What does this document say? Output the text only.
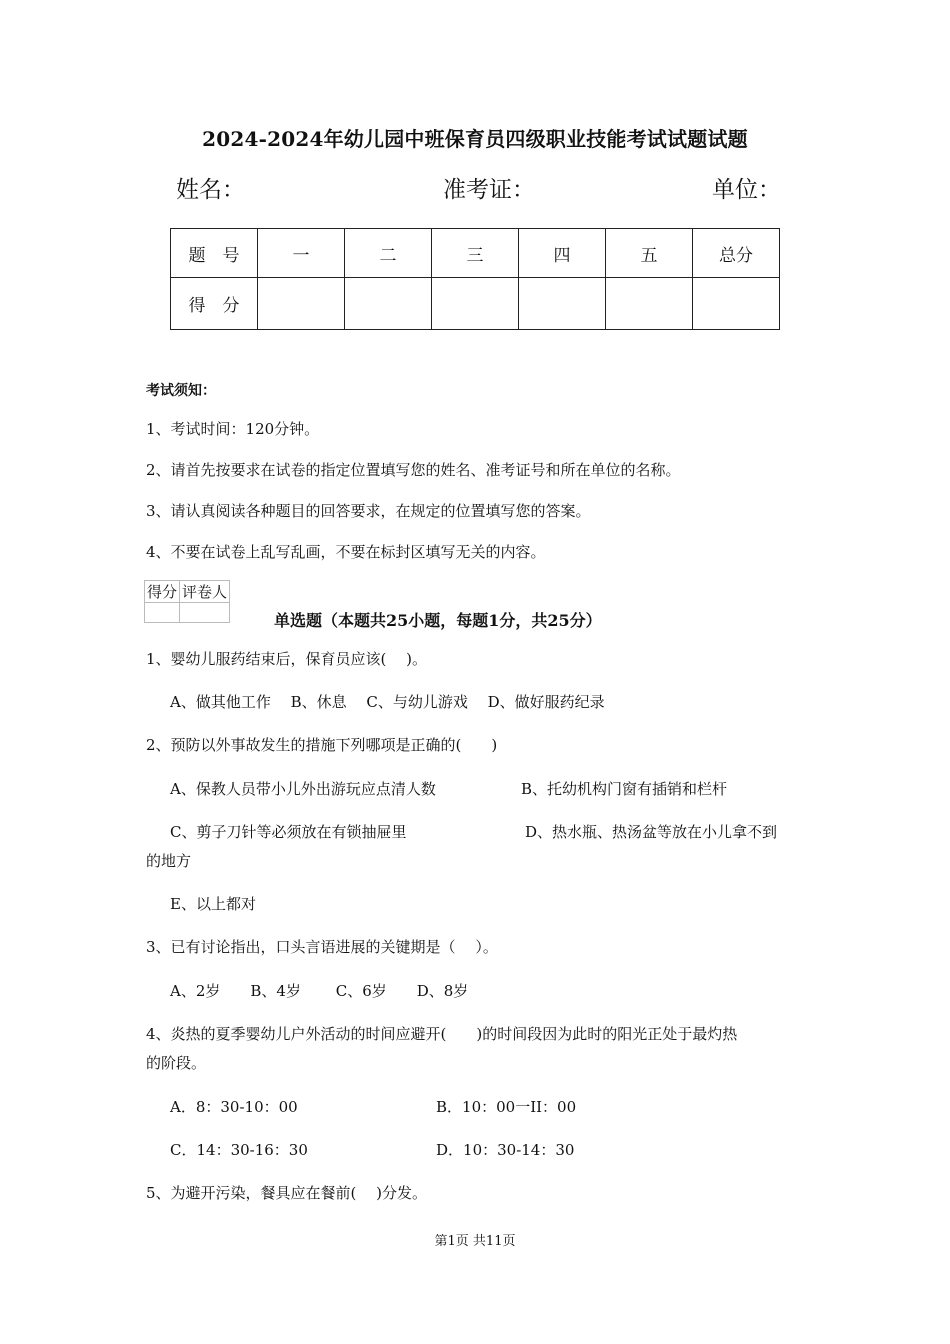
2024-2024年幼儿园中班保育员四级职业技能考试试题试题
姓名：	准考证：	单位：
题　号	一	二	三	四	五	总分
得　分						
考试须知：
1、考试时间：120分钟。
2、请首先按要求在试卷的指定位置填写您的姓名、准考证号和所在单位的名称。
3、请认真阅读各种题目的回答要求，在规定的位置填写您的答案。
4、不要在试卷上乱写乱画，不要在标封区填写无关的内容。
得分	评卷人

单选题（本题共25小题，每题1分，共25分）
1、婴幼儿服药结束后，保育员应该(　 )。
A、做其他工作　 B、休息　 C、与幼儿游戏　 D、做好服药纪录
2、预防以外事故发生的措施下列哪项是正确的(　　)
A、保教人员带小儿外出游玩应点清人数	B、托幼机构门窗有插销和栏杆
C、剪子刀针等必须放在有锁抽屉里	D、热水瓶、热汤盆等放在小儿拿不到
的地方
E、以上都对
3、已有讨论指出，口头言语进展的关键期是（　 ）。
A、2岁　　B、4岁　　 C、6岁　　D、8岁
4、炎热的夏季婴幼儿户外活动的时间应避开(　　)的时间段因为此时的阳光正处于最灼热
的阶段。
A．8：30-10：00	B．10：00一II：00
C．14：30-16：30	D．10：30-14：30
5、为避开污染，餐具应在餐前(　 )分发。
第1页 共11页
